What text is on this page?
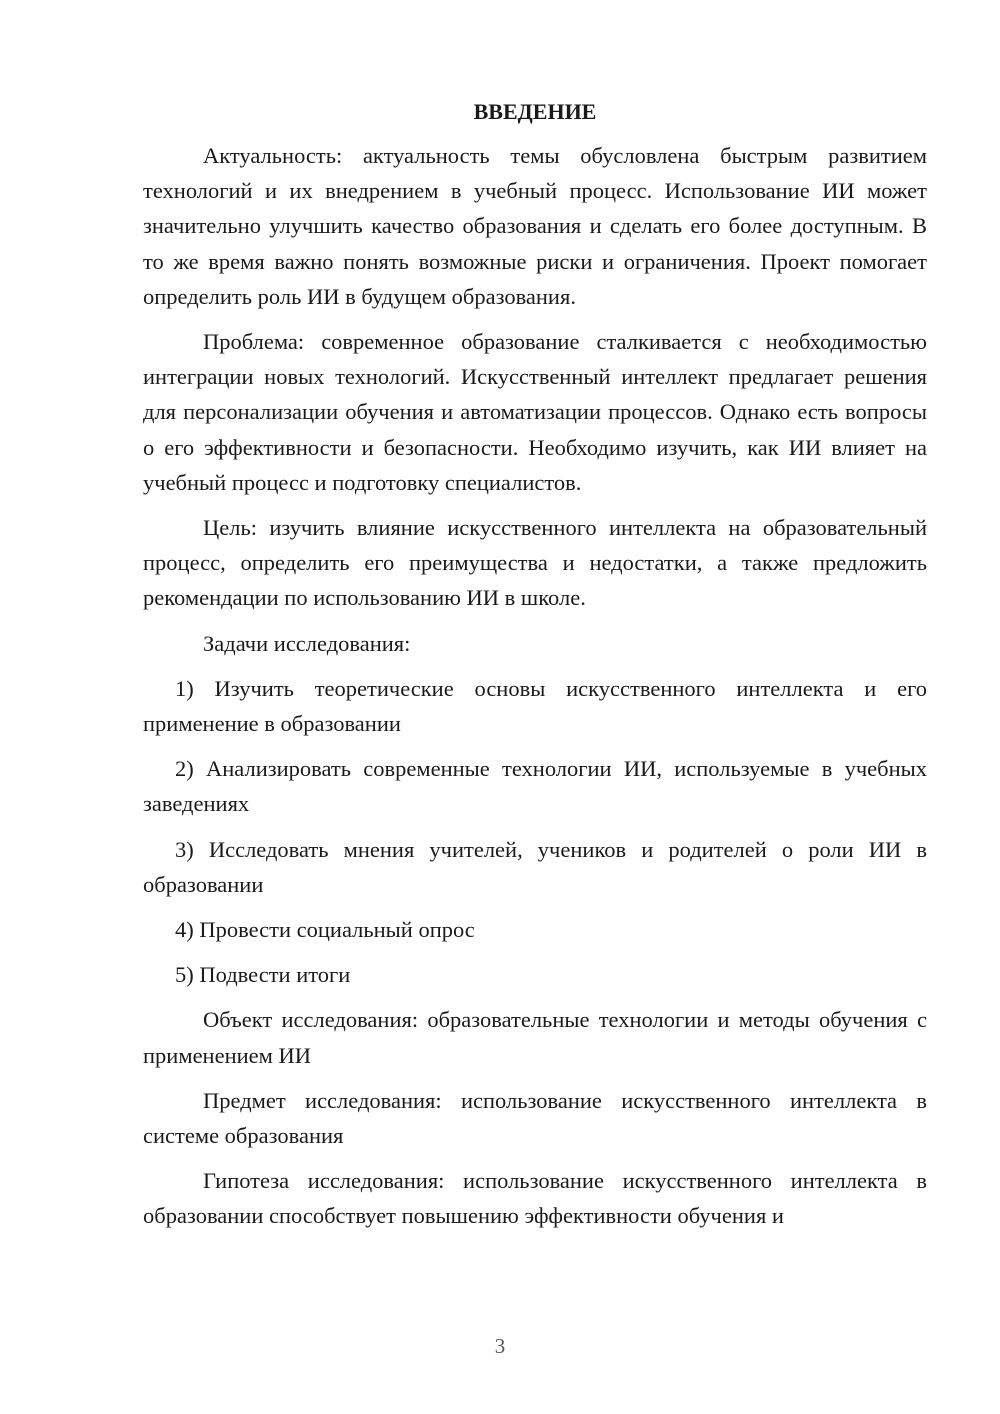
ВВЕДЕНИЕ

Актуальность: актуальность темы обусловлена быстрым развитием технологий и их внедрением в учебный процесс. Использование ИИ может значительно улучшить качество образования и сделать его более доступным. В то же время важно понять возможные риски и ограничения. Проект помогает определить роль ИИ в будущем образования.

Проблема: современное образование сталкивается с необходимостью интеграции новых технологий. Искусственный интеллект предлагает решения для персонализации обучения и автоматизации процессов. Однако есть вопросы о его эффективности и безопасности. Необходимо изучить, как ИИ влияет на учебный процесс и подготовку специалистов.

Цель: изучить влияние искусственного интеллекта на образовательный процесс, определить его преимущества и недостатки, а также предложить рекомендации по использованию ИИ в школе.

Задачи исследования:

1) Изучить теоретические основы искусственного интеллекта и его применение в образовании

2) Анализировать современные технологии ИИ, используемые в учебных заведениях

3) Исследовать мнения учителей, учеников и родителей о роли ИИ в образовании

4) Провести социальный опрос

5) Подвести итоги

Объект исследования: образовательные технологии и методы обучения с применением ИИ

Предмет исследования: использование искусственного интеллекта в системе образования

Гипотеза исследования: использование искусственного интеллекта в образовании способствует повышению эффективности обучения и

3
